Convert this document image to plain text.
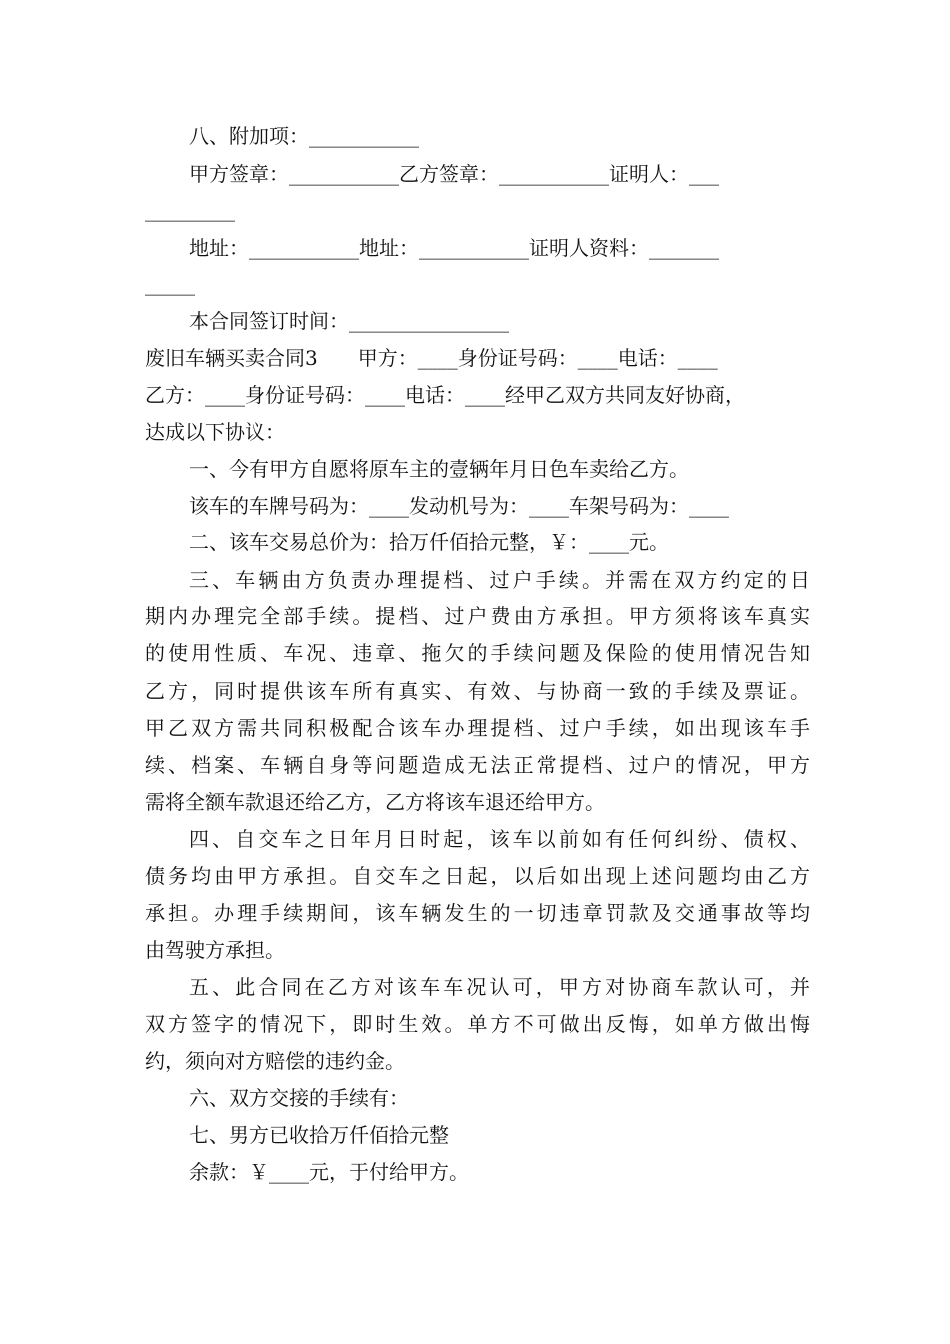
八、附加项：___________
甲方签章：___________乙方签章：___________证明人：___
_________
地址：___________地址：___________证明人资料：_______
_____
本合同签订时间：________________
废旧车辆买卖合同3　　甲方：____身份证号码：____电话：____
乙方：____身份证号码：____电话：____经甲乙双方共同友好协商，
达成以下协议：
一、今有甲方自愿将原车主的壹辆年月日色车卖给乙方。
该车的车牌号码为：____发动机号为：____车架号码为：____
二、该车交易总价为：拾万仟佰拾元整，￥：____元。
三、车辆由方负责办理提档、过户手续。并需在双方约定的日
期内办理完全部手续。提档、过户费由方承担。甲方须将该车真实
的使用性质、车况、违章、拖欠的手续问题及保险的使用情况告知
乙方，同时提供该车所有真实、有效、与协商一致的手续及票证。
甲乙双方需共同积极配合该车办理提档、过户手续，如出现该车手
续、档案、车辆自身等问题造成无法正常提档、过户的情况，甲方
需将全额车款退还给乙方，乙方将该车退还给甲方。
四、自交车之日年月日时起，该车以前如有任何纠纷、债权、
债务均由甲方承担。自交车之日起，以后如出现上述问题均由乙方
承担。办理手续期间，该车辆发生的一切违章罚款及交通事故等均
由驾驶方承担。
五、此合同在乙方对该车车况认可，甲方对协商车款认可，并
双方签字的情况下，即时生效。单方不可做出反悔，如单方做出悔
约，须向对方赔偿的违约金。
六、双方交接的手续有：
七、男方已收拾万仟佰拾元整
余款：￥____元，于付给甲方。
